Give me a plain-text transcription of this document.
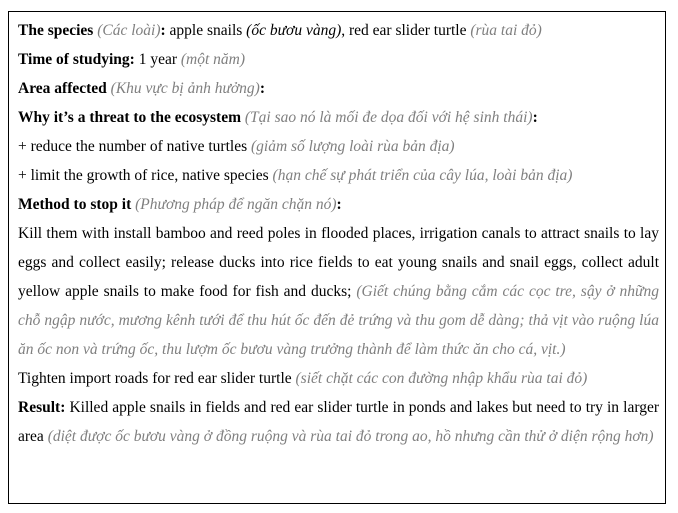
The species (Các loài): apple snails (ốc bươu vàng), red ear slider turtle (rùa tai đỏ)

Time of studying: 1 year (một năm)

Area affected (Khu vực bị ảnh hưởng):

Why it’s a threat to the ecosystem (Tại sao nó là mối đe dọa đối với hệ sinh thái):

+ reduce the number of native turtles (giảm số lượng loài rùa bản địa)

+ limit the growth of rice, native species (hạn chế sự phát triển của cây lúa, loài bản địa)

Method to stop it (Phương pháp để ngăn chặn nó):

Kill them with install bamboo and reed poles in flooded places, irrigation canals to attract snails to lay eggs and collect easily; release ducks into rice fields to eat young snails and snail eggs, collect adult yellow apple snails to make food for fish and ducks; (Giết chúng bằng cắm các cọc tre, sậy ở những chỗ ngập nước, mương kênh tưới để thu hút ốc đến đẻ trứng và thu gom dễ dàng; thả vịt vào ruộng lúa ăn ốc non và trứng ốc, thu lượm ốc bươu vàng trưởng thành để làm thức ăn cho cá, vịt.)

Tighten import roads for red ear slider turtle (siết chặt các con đường nhập khẩu rùa tai đỏ)

Result: Killed apple snails in fields and red ear slider turtle in ponds and lakes but need to try in larger area (diệt được ốc bươu vàng ở đồng ruộng và rùa tai đỏ trong ao, hồ nhưng cần thử ở diện rộng hơn)
